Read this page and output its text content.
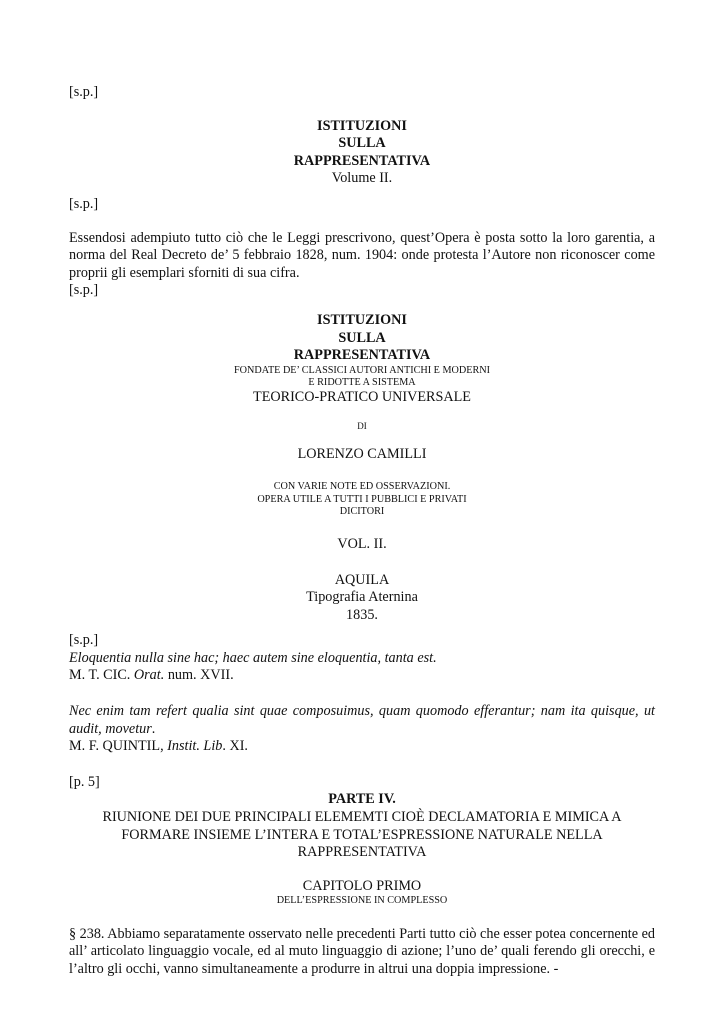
[s.p.]

ISTITUZIONI

SULLA

RAPPRESENTATIVA

Volume II.

[s.p.]

Essendosi adempiuto tutto ciò che le Leggi prescrivono, quest’Opera è posta sotto la loro garentia, a norma del Real Decreto de’ 5 febbraio 1828, num. 1904: onde protesta l’Autore non riconoscer come proprii gli esemplari sforniti di sua cifra.

[s.p.]

ISTITUZIONI

SULLA

RAPPRESENTATIVA

FONDATE DE’ CLASSICI AUTORI ANTICHI E MODERNI

E RIDOTTE A SISTEMA

TEORICO-PRATICO UNIVERSALE

DI

LORENZO CAMILLI

CON VARIE NOTE ED OSSERVAZIONI.

OPERA UTILE A TUTTI I PUBBLICI E PRIVATI

DICITORI

VOL. II.

AQUILA

Tipografia Aternina

1835.

[s.p.]

Eloquentia nulla sine hac; haec autem sine eloquentia, tanta est.

M. T. CIC. Orat. num. XVII.

Nec enim tam refert qualia sint quae composuimus, quam quomodo efferantur; nam ita quisque, ut audit, movetur.

M. F. QUINTIL, Instit. Lib. XI.

[p. 5]

PARTE IV.

RIUNIONE DEI DUE PRINCIPALI ELEMEMTI CIOÈ DECLAMATORIA E MIMICA A FORMARE INSIEME L’INTERA E TOTAL’ESPRESSIONE NATURALE NELLA RAPPRESENTATIVA

CAPITOLO PRIMO

DELL’ESPRESSIONE IN COMPLESSO

§ 238. Abbiamo separatamente osservato nelle precedenti Parti tutto ciò che esser potea concernente ed all’ articolato linguaggio vocale, ed al muto linguaggio di azione; l’uno de’ quali ferendo gli orecchi, e l’altro gli occhi, vanno simultaneamente a produrre in altrui una doppia impressione. -
